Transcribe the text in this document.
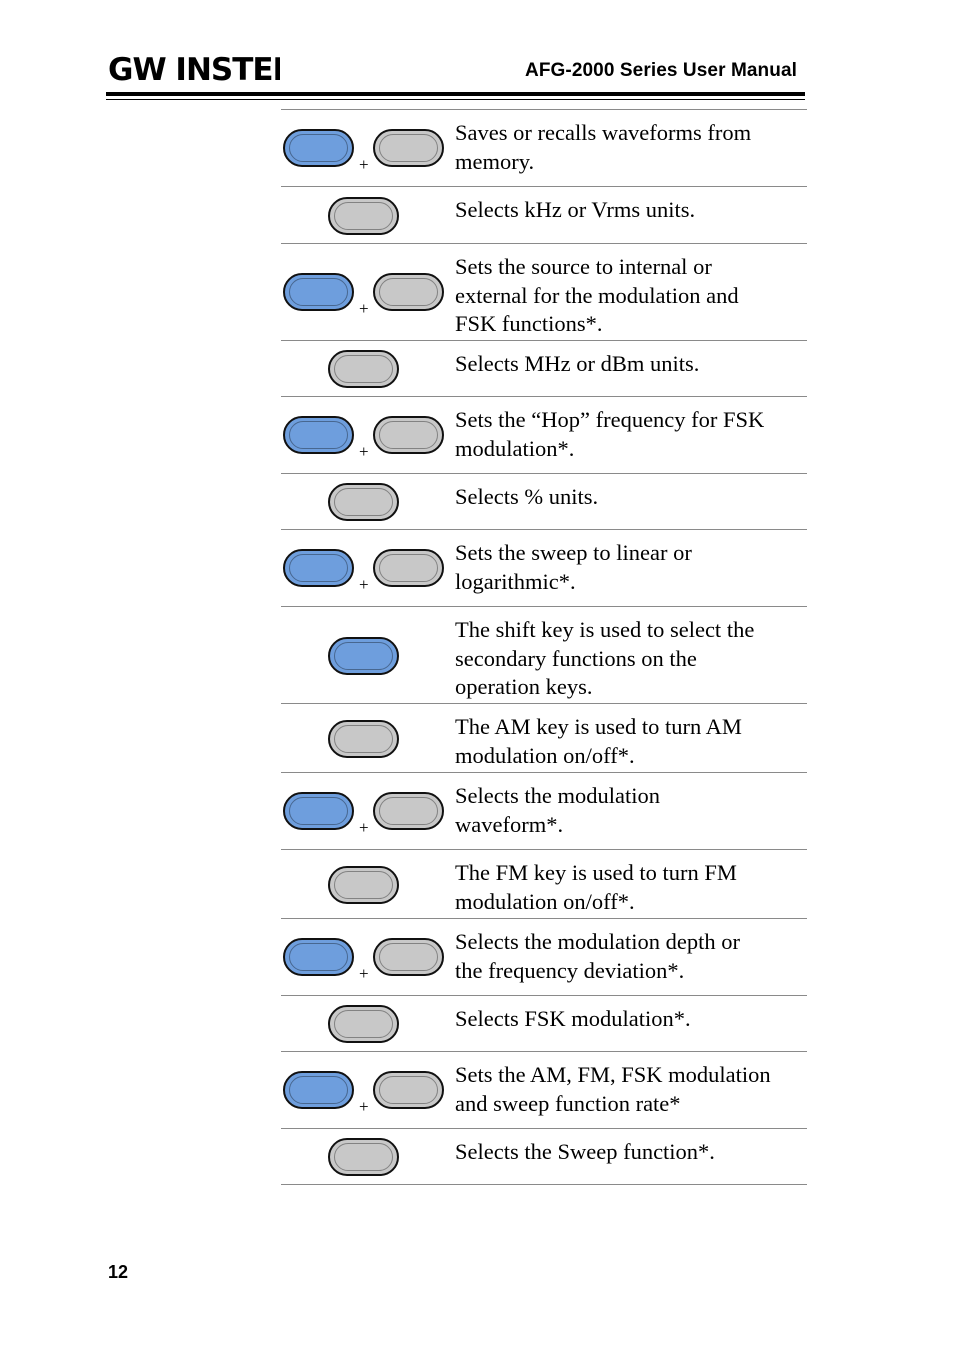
GW INSTEK	AFG-2000 Series User Manual
+
Saves or recalls waveforms from
memory.
Selects kHz or Vrms units.
+
Sets the source to internal or
external for the modulation and
FSK functions*.
Selects MHz or dBm units.
+
Sets the “Hop” frequency for FSK
modulation*.
Selects % units.
+
Sets the sweep to linear or
logarithmic*.
The shift key is used to select the
secondary functions on the
operation keys.
The AM key is used to turn AM
modulation on/off*.
+
Selects the modulation
waveform*.
The FM key is used to turn FM
modulation on/off*.
+
Selects the modulation depth or
the frequency deviation*.
Selects FSK modulation*.
+
Sets the AM, FM, FSK modulation
and sweep function rate*
Selects the Sweep function*.
12
